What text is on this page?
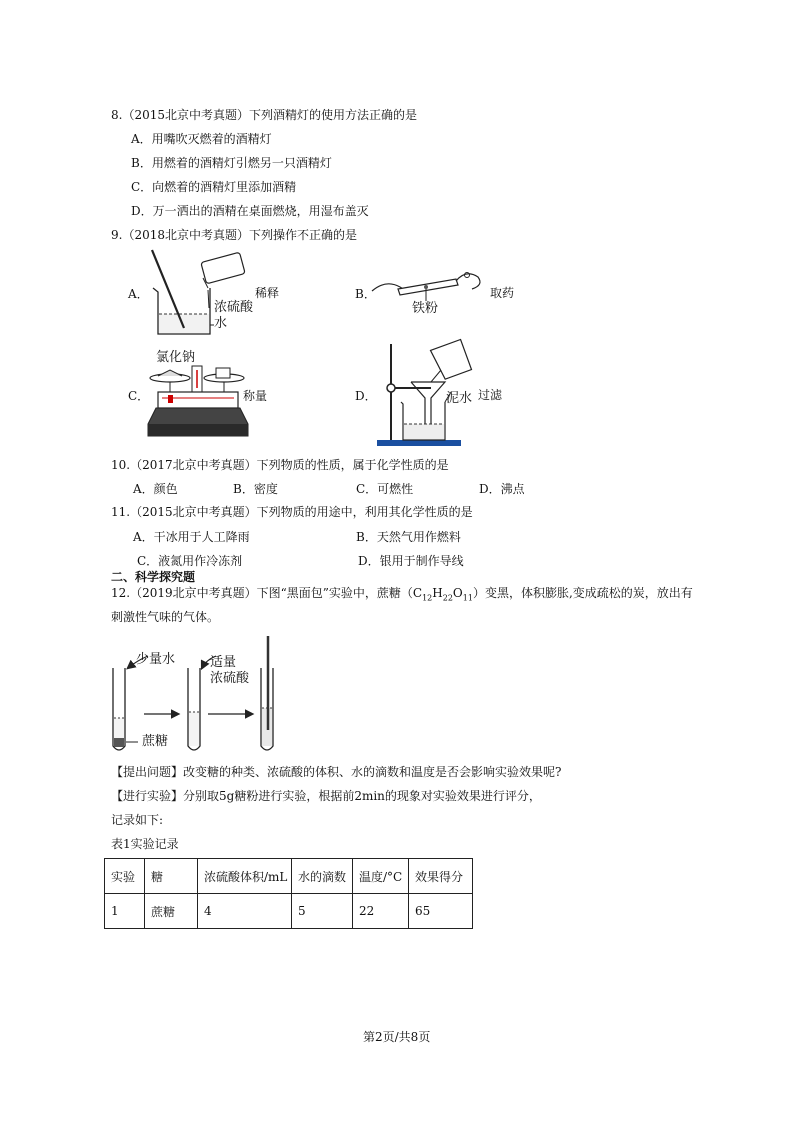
8.（2015北京中考真题）下列酒精灯的使用方法正确的是
A．用嘴吹灭燃着的酒精灯
B．用燃着的酒精灯引燃另一只酒精灯
C．向燃着的酒精灯里添加酒精
D．万一洒出的酒精在桌面燃烧，用湿布盖灭
9.（2018北京中考真题）下列操作不正确的是
A．
浓硫酸
水
稀释	B．
铁粉
取药
C．
氯化钠
称量	D．	泥水 过滤
10.（2017北京中考真题）下列物质的性质，属于化学性质的是
A．颜色	B．密度	C．可燃性	D．沸点
11.（2015北京中考真题）下列物质的用途中，利用其化学性质的是
A．干冰用于人工降雨	B．天然气用作燃料
C．液氮用作冷冻剂	D．银用于制作导线
二、科学探究题
12.（2019北京中考真题）下图“黑面包”实验中，蔗糖$(C_{12}H_{22}O_{11})$变黑，体积膨胀,变成疏松的炭，放出有
刺激性气味的气体。
少量水	适量
浓硫酸
蔗糖
【提出问题】改变糖的种类、浓硫酸的体积、水的滴数和温度是否会影响实验效果呢?
【进行实验】分别取5g糖粉进行实验，根据前2min的现象对实验效果进行评分，
记录如下:
表1实验记录
实验	糖	浓硫酸体积/mL	水的滴数	温度/°C	效果得分
1	蔗糖	4	5	22	65
第2页/共8页
